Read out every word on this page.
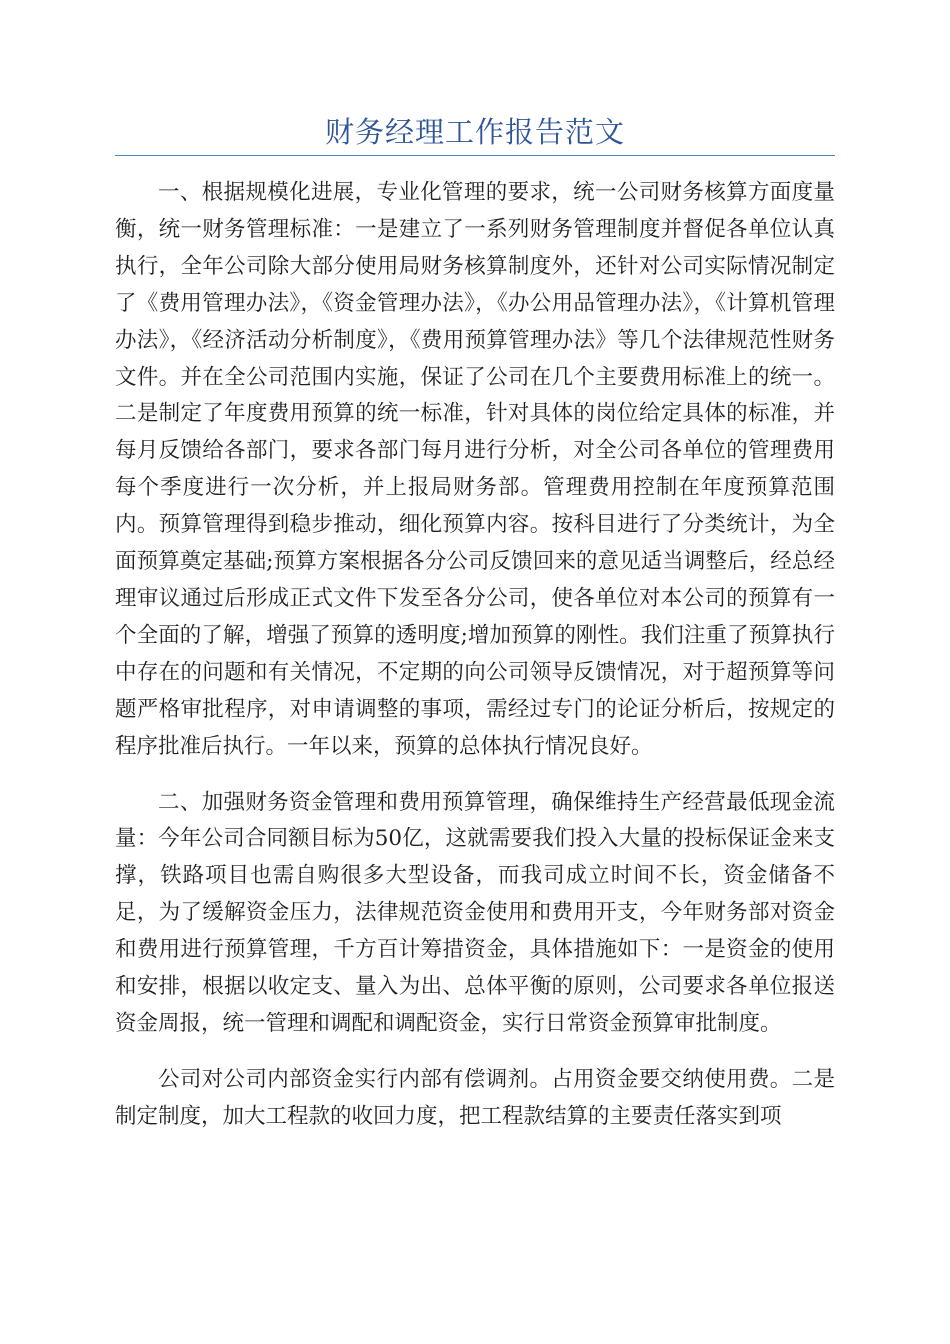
财务经理工作报告范文

一、根据规模化进展，专业化管理的要求，统一公司财务核算方面度量衡，统一财务管理标准：一是建立了一系列财务管理制度并督促各单位认真执行，全年公司除大部分使用局财务核算制度外，还针对公司实际情况制定了《费用管理办法》，《资金管理办法》，《办公用品管理办法》，《计算机管理办法》，《经济活动分析制度》，《费用预算管理办法》等几个法律规范性财务文件。并在全公司范围内实施，保证了公司在几个主要费用标准上的统一。二是制定了年度费用预算的统一标准，针对具体的岗位给定具体的标准，并每月反馈给各部门，要求各部门每月进行分析，对全公司各单位的管理费用每个季度进行一次分析，并上报局财务部。管理费用控制在年度预算范围内。预算管理得到稳步推动，细化预算内容。按科目进行了分类统计，为全面预算奠定基础;预算方案根据各分公司反馈回来的意见适当调整后，经总经理审议通过后形成正式文件下发至各分公司，使各单位对本公司的预算有一个全面的了解，增强了预算的透明度;增加预算的刚性。我们注重了预算执行中存在的问题和有关情况，不定期的向公司领导反馈情况，对于超预算等问题严格审批程序，对申请调整的事项，需经过专门的论证分析后，按规定的程序批准后执行。一年以来，预算的总体执行情况良好。

二、加强财务资金管理和费用预算管理，确保维持生产经营最低现金流量：今年公司合同额目标为50亿，这就需要我们投入大量的投标保证金来支撑，铁路项目也需自购很多大型设备，而我司成立时间不长，资金储备不足，为了缓解资金压力，法律规范资金使用和费用开支，今年财务部对资金和费用进行预算管理，千方百计筹措资金，具体措施如下：一是资金的使用和安排，根据以收定支、量入为出、总体平衡的原则，公司要求各单位报送资金周报，统一管理和调配和调配资金，实行日常资金预算审批制度。

公司对公司内部资金实行内部有偿调剂。占用资金要交纳使用费。二是制定制度，加大工程款的收回力度，把工程款结算的主要责任落实到项
